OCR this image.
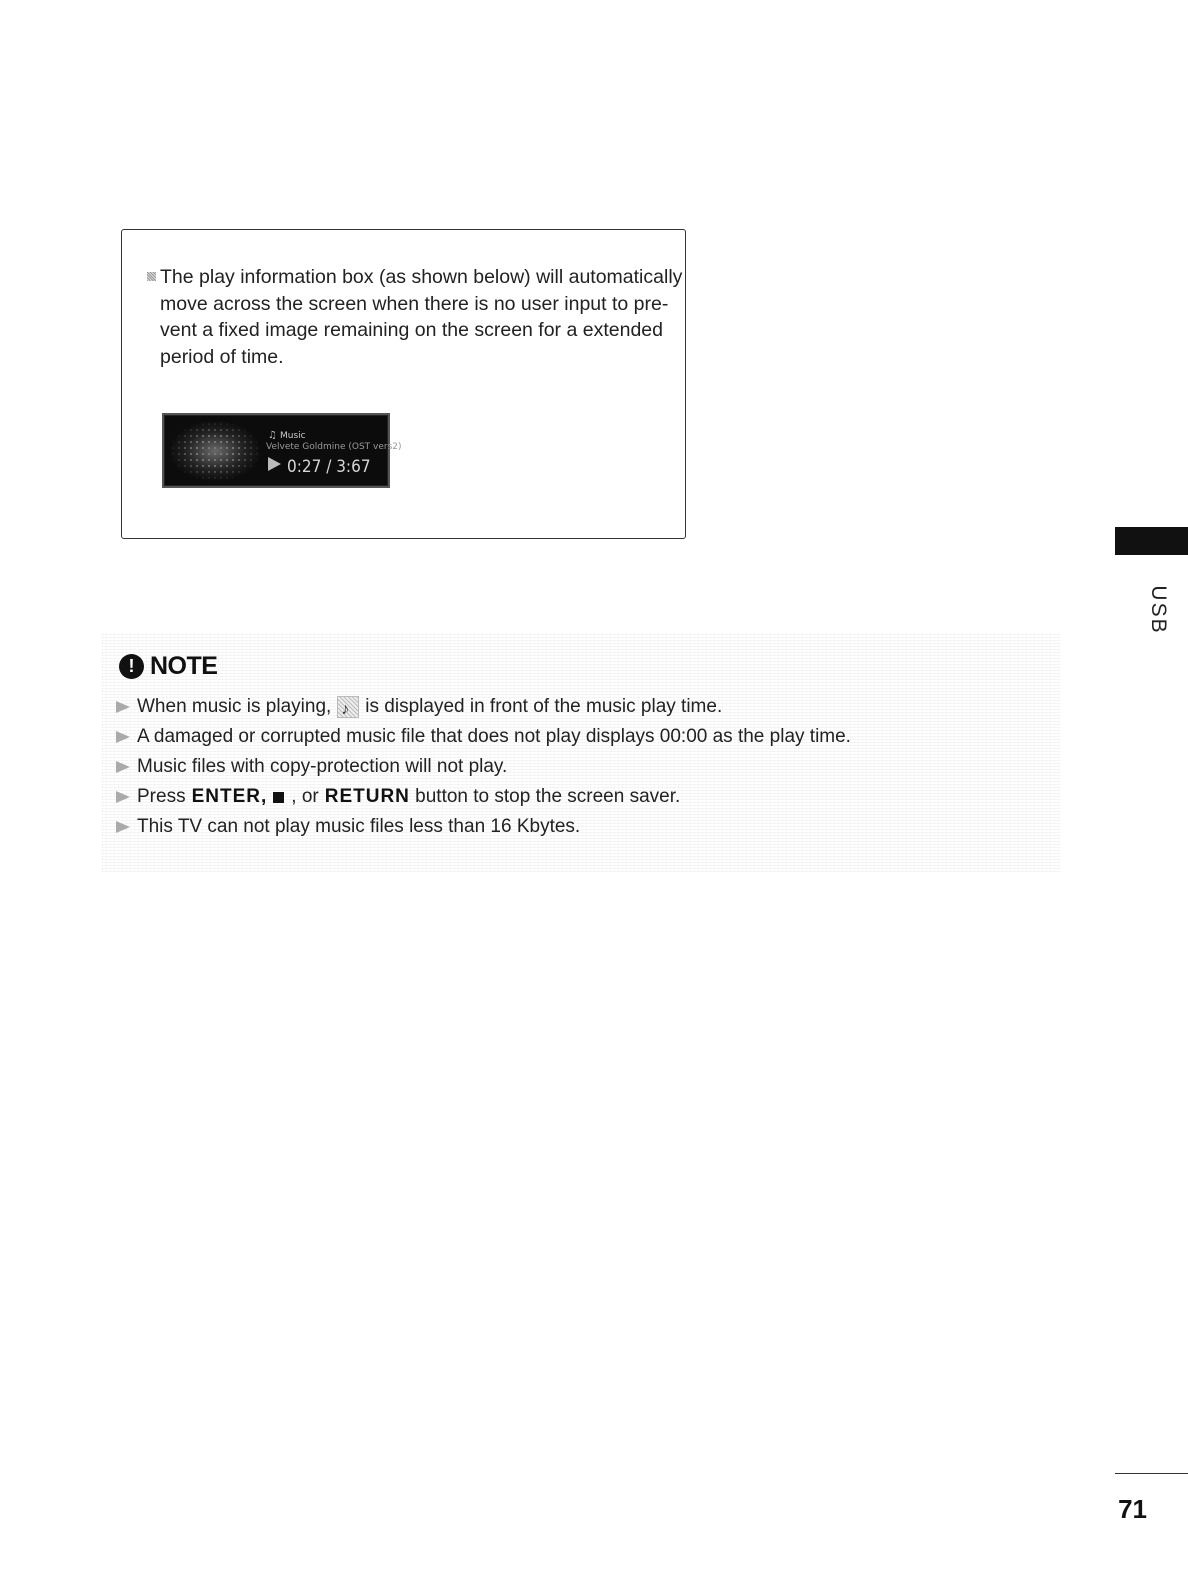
The play information box (as shown below) will automatically move across the screen when there is no user input to pre-vent a fixed image remaining on the screen for a extended period of time.
♫ Music
Velvete Goldmine (OST vers2)
0:27 / 3:67
USB
! NOTE
When music is playing,
♪ is displayed in front of the music play time.
A damaged or corrupted music file that does not play displays 00:00 as the play time.
Music files with copy-protection will not play.
Press ENTER, , or RETURN
button to stop the screen saver.
This TV can not play music files less than 16 Kbytes.
71
